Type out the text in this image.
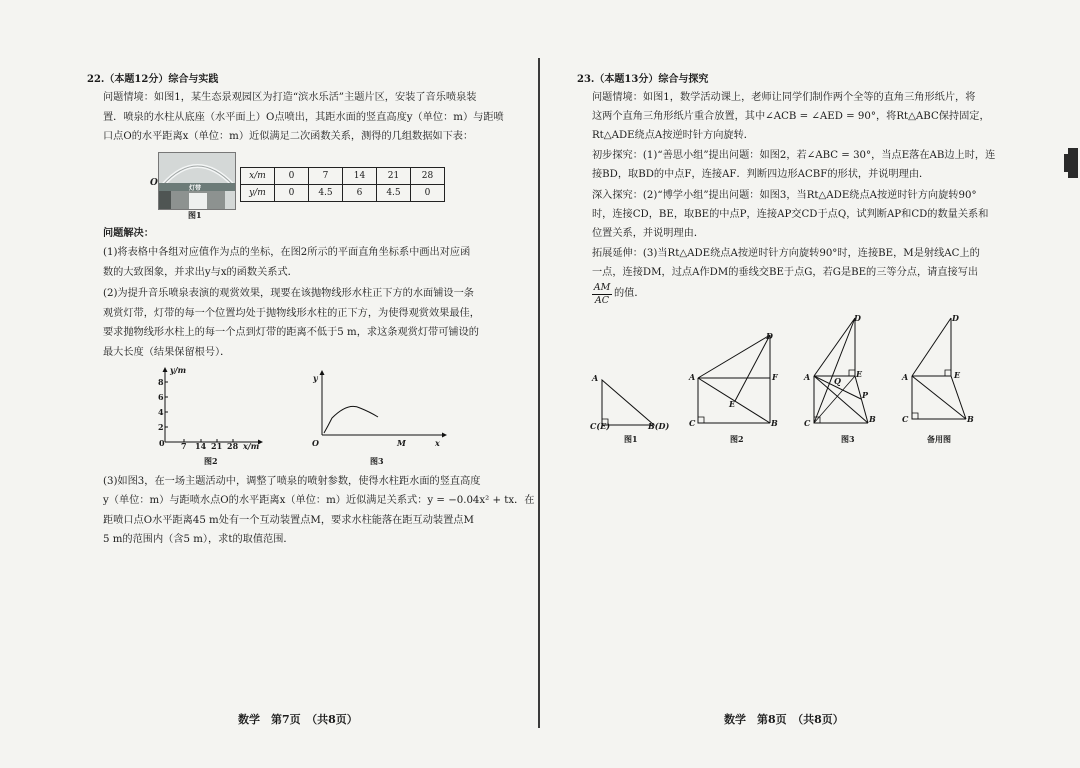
22.（本题12分）综合与实践
问题情境：如图1，某生态景观园区为打造“滨水乐活”主题片区，安装了音乐喷泉装
置．喷泉的水柱从底座（水平面上）O点喷出，其距水面的竖直高度y（单位：m）与距喷
口点O的水平距离x（单位：m）近似满足二次函数关系，测得的几组数据如下表：
灯带
O
图1
x/m	0	7	14	21	28
y/m	0	4.5	6	4.5	0
问题解决：
(1)将表格中各组对应值作为点的坐标，在图2所示的平面直角坐标系中画出对应函
数的大致图象，并求出y与x的函数关系式．
(2)为提升音乐喷泉表演的观赏效果，现要在该抛物线形水柱正下方的水面铺设一条
观赏灯带，灯带的每一个位置均处于抛物线形水柱的正下方，为使得观赏效果最佳，
要求抛物线形水柱上的每一个点到灯带的距离不低于5 m，求这条观赏灯带可铺设的
最大长度（结果保留根号）．
y/m
8
6
4
2
0 7 14 21 28 x/m
图2
y
O	M	x
图3
(3)如图3，在一场主题活动中，调整了喷泉的喷射参数，使得水柱距水面的竖直高度
y（单位：m）与距喷水点O的水平距离x（单位：m）近似满足关系式：y = −0.04x² + tx．在
距喷口点O水平距离45 m处有一个互动装置点M，要求水柱能落在距互动装置点M
5 m的范围内（含5 m），求t的取值范围．
数学　第7页　（共8页）
23.（本题13分）综合与探究
问题情境：如图1，数学活动课上，老师让同学们制作两个全等的直角三角形纸片，将
这两个直角三角形纸片重合放置，其中∠ACB = ∠AED = 90°，将Rt△ABC保持固定，
Rt△ADE绕点A按逆时针方向旋转．
初步探究：(1)“善思小组”提出问题：如图2，若∠ABC = 30°，当点E落在AB边上时，连
接BD，取BD的中点F，连接AF．判断四边形ACBF的形状，并说明理由．
深入探究：(2)“博学小组”提出问题：如图3，当Rt△ADE绕点A按逆时针方向旋转90°
时，连接CD，BE，取BE的中点P，连接AP交CD于点Q，试判断AP和CD的数量关系和
位置关系，并说明理由．
拓展延伸：(3)当Rt△ADE绕点A按逆时针方向旋转90°时，连接BE，M是射线AC上的
一点，连接DM，过点A作DM的垂线交BE于点G，若G是BE的三等分点，请直接写出
$\frac{AM}{AC}$ 的值．
A
C(E)	B(D)
图1
D
A	F
E
C	B
图2
D
A	E
Q
P
C	B
图3
D
A	E
C	B
备用图
数学　第8页　（共8页）
